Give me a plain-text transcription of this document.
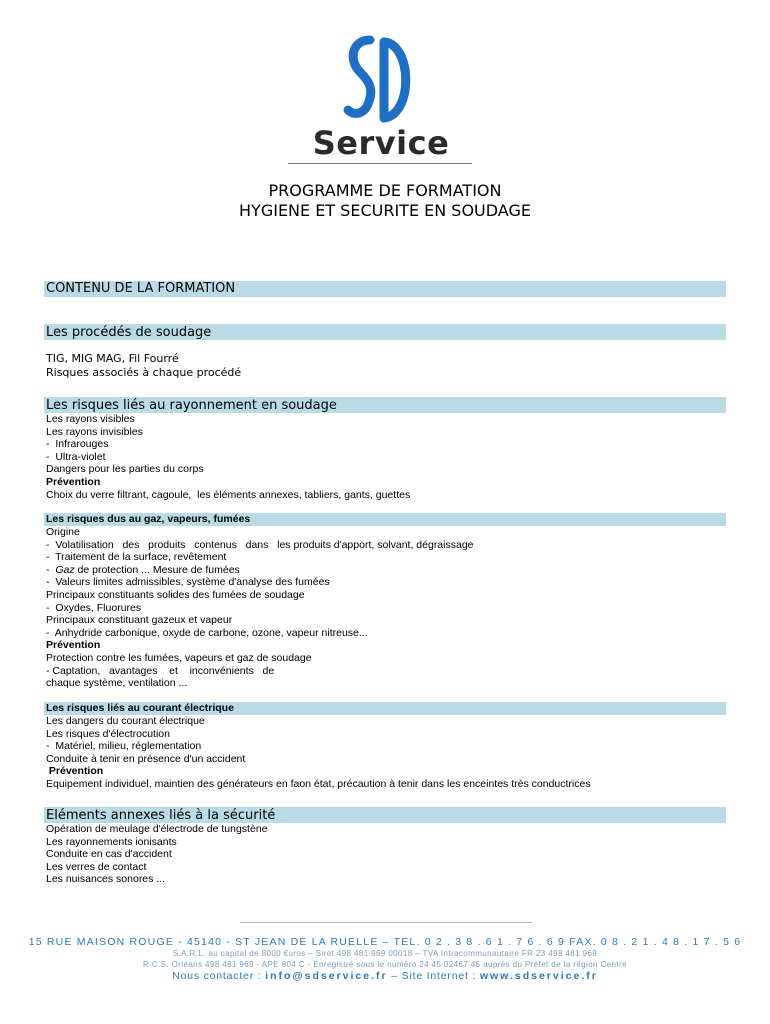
Service
PROGRAMME DE FORMATION
HYGIENE ET SECURITE EN SOUDAGE
CONTENU DE LA FORMATION
Les procédés de soudage
TIG, MIG MAG, Fil Fourré
Risques associés à chaque procédé
Les risques liés au rayonnement en soudage
Les rayons visibles
Les rayons invisibles
-  Infrarouges
-  Ultra-violet
Dangers pour les parties du corps
Prévention
Choix du verre filtrant, cagoule,  les éléments annexes, tabliers, gants, guettes
Les risques dus au gaz, vapeurs, fumées
Origine
-  Volatilisation   des   produits   contenus   dans   les produits d'apport, solvant, dégraissage
-  Traitement de la surface, revêtement
-  Gaz de protection ... Mesure de fumées
-  Valeurs limites admissibles, système d'analyse des fumées
Principaux constituants solides des fumées de soudage
-  Oxydes, Fluorures
Principaux constituant gazeux et vapeur
-  Anhydride carbonique, oxyde de carbone, ozone, vapeur nitreuse...
Prévention
Protection contre les fumées, vapeurs et gaz de soudage
- Captation,   avantages    et    inconvénients   de
chaque système, ventilation ...
Les risques liés au courant électrique
Les dangers du courant électrique
Les risques d'électrocution
-  Matériel, milieu, réglementation
Conduite à tenir en présence d'un accident
Prévention
Equipement individuel, maintien des générateurs en faon état, précaution à tenir dans les enceintes très conductrices
Eléments annexes liés à la sécurité
Opération de meulage d'électrode de tungstène
Les rayonnements ionisants
Conduite en cas d'accident
Les verres de contact
Les nuisances sonores ...
15 RUE MAISON ROUGE - 45140 - ST JEAN DE LA RUELLE – TEL. 0 2 . 3 8 . 6 1 . 7 6 . 6 9 FAX. 0 8 . 2 1 . 4 8 . 1 7 . 5 6
S.A.R.L. au capital de 8000 €uros – Siret 498 481 969 00018 – TVA Intracommunautaire FR 23 498 481 969
R.C.S. Orléans 498 481 969 - APE 804 C - Enregistré sous le numéro 24 45 02467 45 auprès du Préfet de la région Centre
Nous contacter : info@sdservice.fr – Site Internet : www.sdservice.fr
